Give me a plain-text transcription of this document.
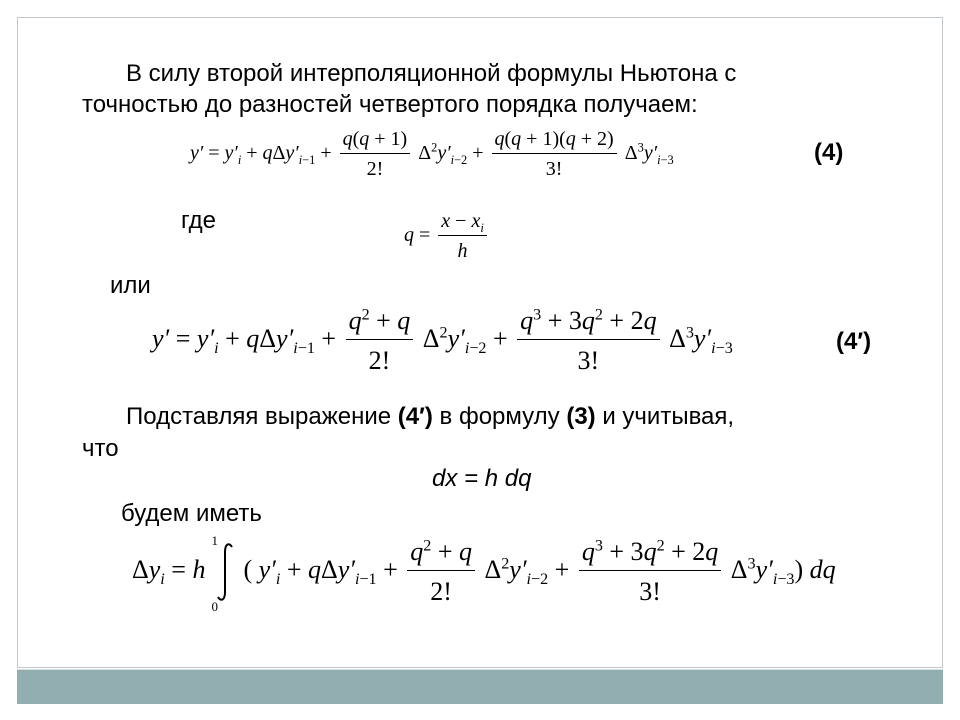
В силу второй интерполяционной формулы Ньютона с
точностью до разностей четвертого порядка получаем:
$y' = y'_i + q\Delta y'_{i-1} + \frac{q(q + 1)}{2!} \Delta^2y'_{i-2} + \frac{q(q + 1)(q + 2)}{3!} \Delta^3y'_{i-3}$	(4)
где
$q = \frac{x - x_i}{h}$
или
$y' = y'_i + q\Delta y'_{i-1} + \frac{q^2 + q}{2!} \Delta^2y'_{i-2} + \frac{q^3 + 3q^2 + 2q}{3!} \Delta^3y'_{i-3}$	(4′)
Подставляя выражение (4′) в формулу (3) и учитывая,
что
dx = h dq
будем иметь
$\Delta y_i = h$
1
0
( $y'_i + q\Delta y'_{i-1} + \frac{q^2 + q}{2!} \Delta^2y'_{i-2} + \frac{q^3 + 3q^2 + 2q}{3!} \Delta^3y'_{i-3}$) dq
